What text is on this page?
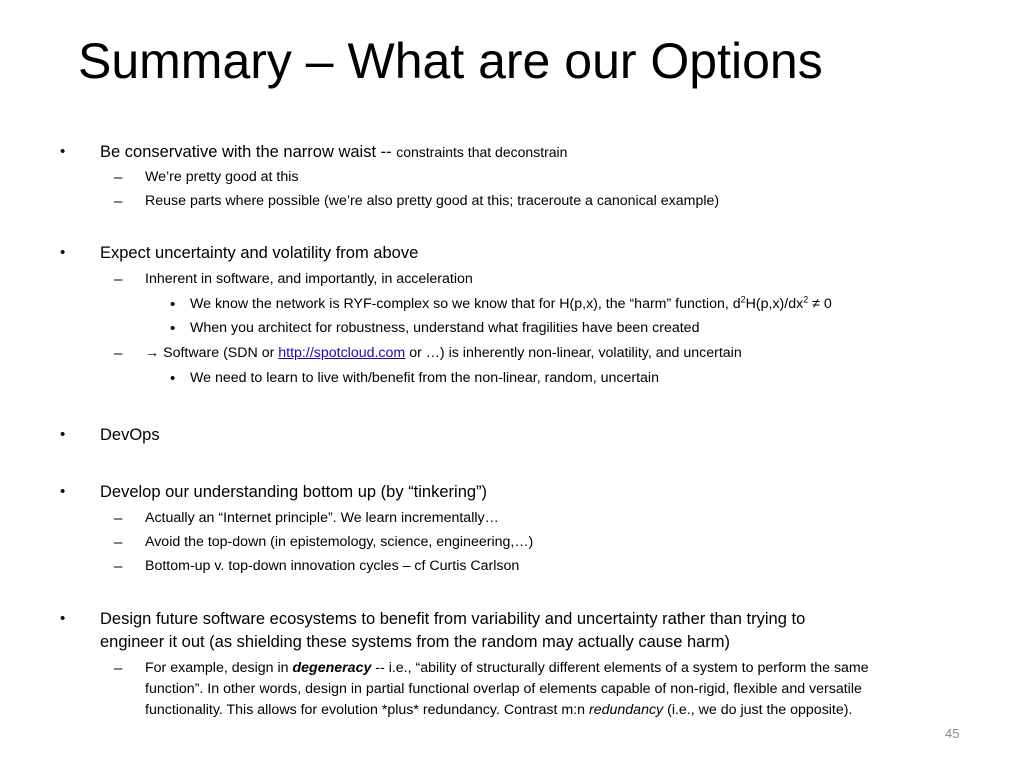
Summary – What are our Options
• Be conservative with the narrow waist -- constraints that deconstrain
– We’re pretty good at this
– Reuse parts where possible (we’re also pretty good at this; traceroute a canonical example)
• Expect uncertainty and volatility from above
– Inherent in software, and importantly, in acceleration
• We know the network is RYF-complex so we know that for H(p,x), the “harm” function, $d^2H(p,x)/dx^2 \ne 0$
• When you architect for robustness, understand what fragilities have been created
– → Software (SDN or http://spotcloud.com or …) is inherently non-linear, volatility, and uncertain
• We need to learn to live with/benefit from the non-linear, random, uncertain
• DevOps
• Develop our understanding bottom up (by “tinkering”)
– Actually an “Internet principle”. We learn incrementally…
– Avoid the top-down (in epistemology, science, engineering,…)
– Bottom-up v. top-down innovation cycles – cf Curtis Carlson
• Design future software ecosystems to benefit from variability and uncertainty rather than trying to
engineer it out (as shielding these systems from the random may actually cause harm)
– For example, design in degeneracy -- i.e., “ability of structurally different elements of a system to perform the same
function”. In other words, design in partial functional overlap of elements capable of non-rigid, flexible and versatile
functionality. This allows for evolution *plus* redundancy. Contrast m:n redundancy (i.e., we do just the opposite).
45
